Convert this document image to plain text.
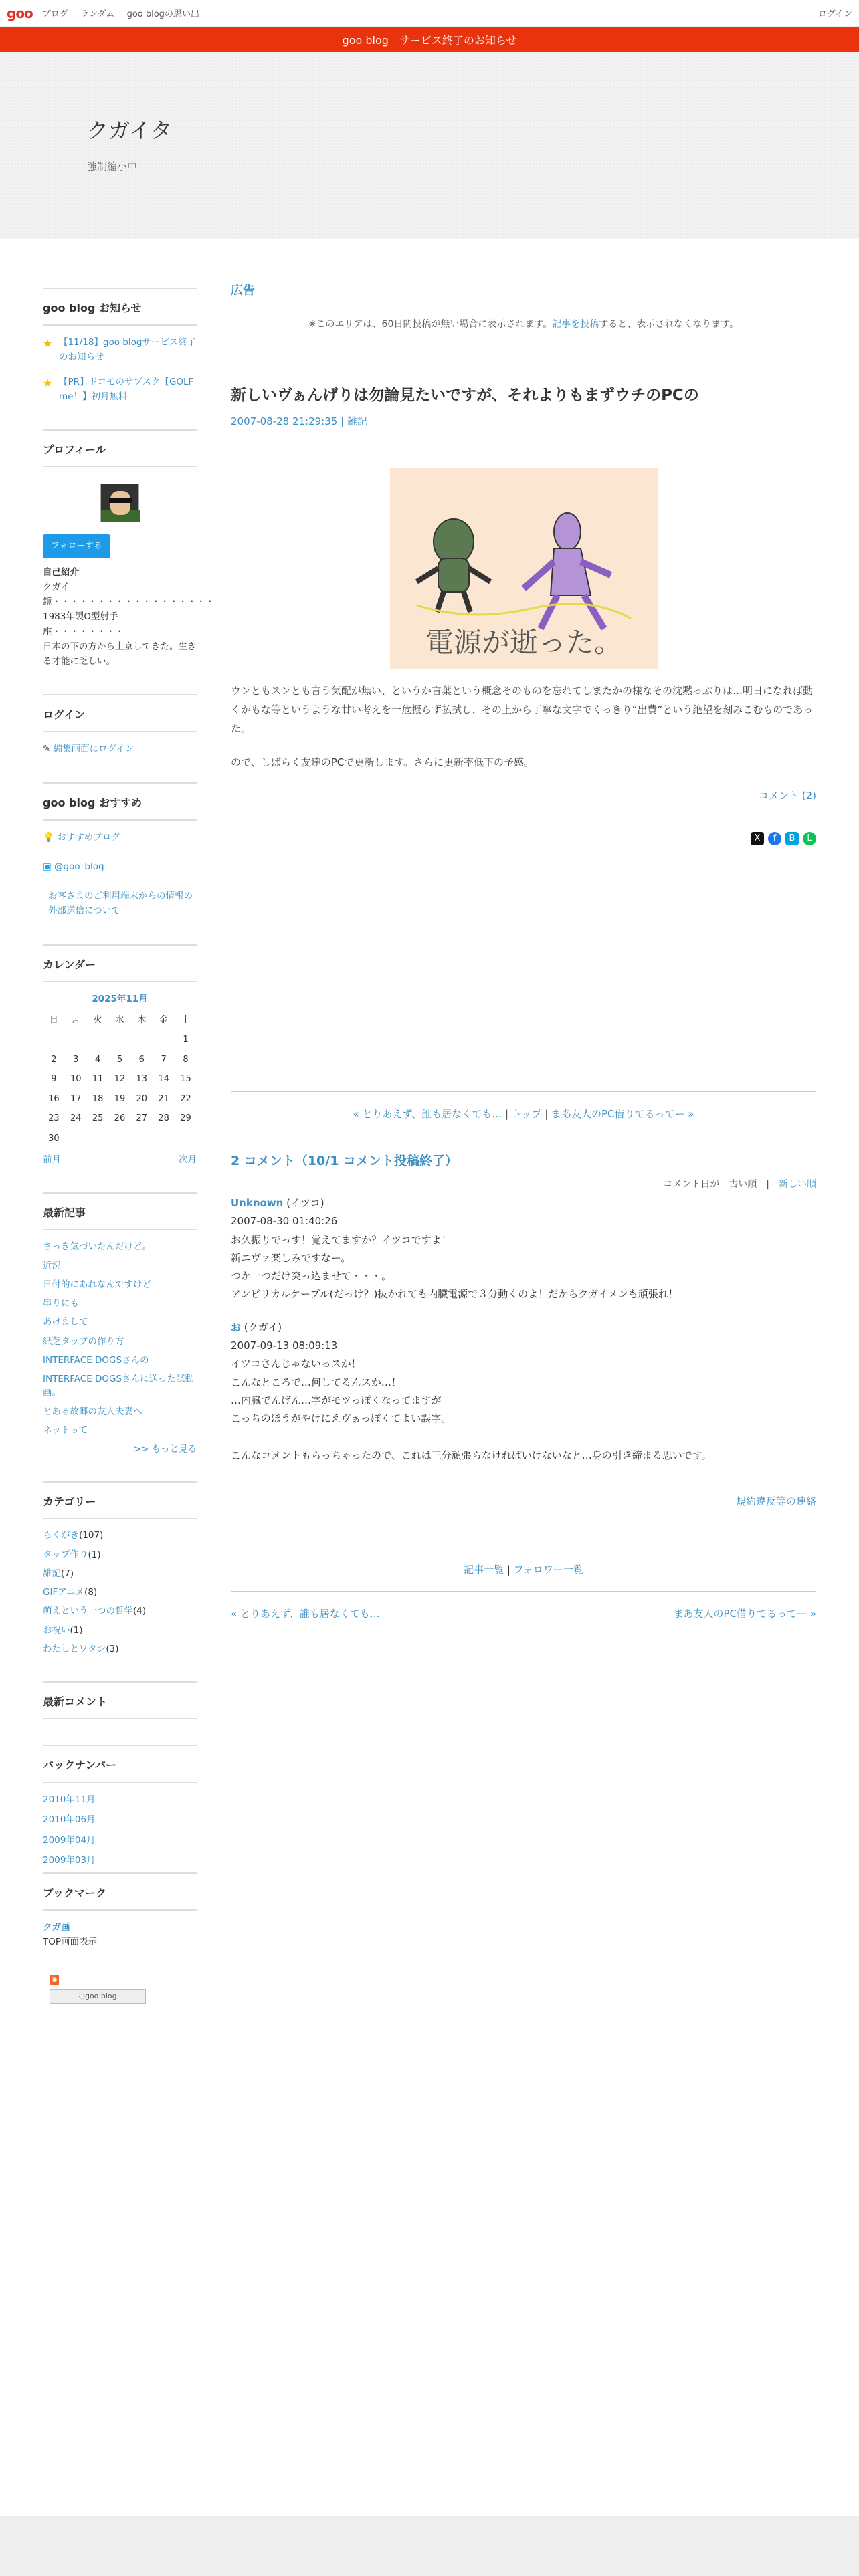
goo ブログ ランダム goo blogの思い出	ログイン
goo blog　サービス終了のお知らせ
クガイタ
強制縮小中
goo blog お知らせ
★ 【11/18】goo blogサービス終了のお知らせ
★ 【PR】ドコモのサブスク【GOLF me！】初月無料
プロフィール
フォローする
自己紹介
クガイ
鏡・・・・・・・・・・・・・・・・・・
1983年製O型射手座・・・・・・・・
日本の下の方から上京してきた。生きる才能に乏しい。
ログイン
✎ 編集画面にログイン
goo blog おすすめ
💡 おすすめブログ
▣ @goo_blog
お客さまのご利用端末からの情報の外部送信について
カレンダー
2025年11月
日	月	火	水	木	金	土
						1
2	3	4	5	6	7	8
9	10	11	12	13	14	15
16	17	18	19	20	21	22
23	24	25	26	27	28	29
30						
前月	次月
最新記事
さっき気づいたんだけど。
近況
日付的にあれなんですけど
串りにも
あけまして
紙芝タッブの作り方
INTERFACE DOGSさんの
INTERFACE DOGSさんに送った試動画。
とある故郷の友人夫妻へ
ネットって
>> もっと見る
カテゴリー
らくがき(107)
タップ作り(1)
雑記(7)
GIFアニメ(8)
萌えという一つの哲学(4)
お祝い(1)
わたしとワタシ(3)
最新コメント
バックナンバー
2010年11月
2010年06月
2009年04月
2009年03月
ブックマーク
クガ画
TOP画面表示
◉
◌goo blog
広告
※このエリアは、60日間投稿が無い場合に表示されます。記事を投稿すると、表示されなくなります。
新しいヴぁんげりは勿論見たいですが、それよりもまずウチのPCの
2007-08-28 21:29:35 | 雑記
電源が逝った。

ウンともスンとも言う気配が無い、というか言葉という概念そのものを忘れてしまたかの様なその沈黙っぷりは…明日になれば動くかもな等というような甘い考えを一危振らず払拭し、その上から丁寧な文字でくっきり“出費”という絶望を刻みこむものであった。

ので、しばらく友達のPCで更新します。さらに更新率低下の予感。

コメント (2)
X	f	B	L
« とりあえず、誰も居なくても… | トップ | まあ友人のPC借りてるってー »
2 コメント（10/1 コメント投稿終了）
コメント日が　 古い順　|　新しい順
Unknown (イツコ)
2007-08-30 01:40:26
お久振りでっす！覚えてますか？イツコですよ！
新エヴァ楽しみですなー。
つか一つだけ突っ込ませて・・・。
アンビリカルケーブル(だっけ？)抜かれても内臓電源で３分動くのよ！だからクガイメンも頑張れ！
お (クガイ)
2007-09-13 08:09:13
イツコさんじゃないっスか！
こんなところで…何してるんスか…！
…内臓でんげん…字がモツっぽくなってますが
こっちのほうがやけにえヴぁっぽくてよい誤字。

こんなコメントもらっちゃったので、これは三分頑張らなければいけないなと…身の引き締まる思いです。
規約違反等の連絡
記事一覧 | フォロワー一覧
« とりあえず、誰も居なくても…	まあ友人のPC借りてるってー »
